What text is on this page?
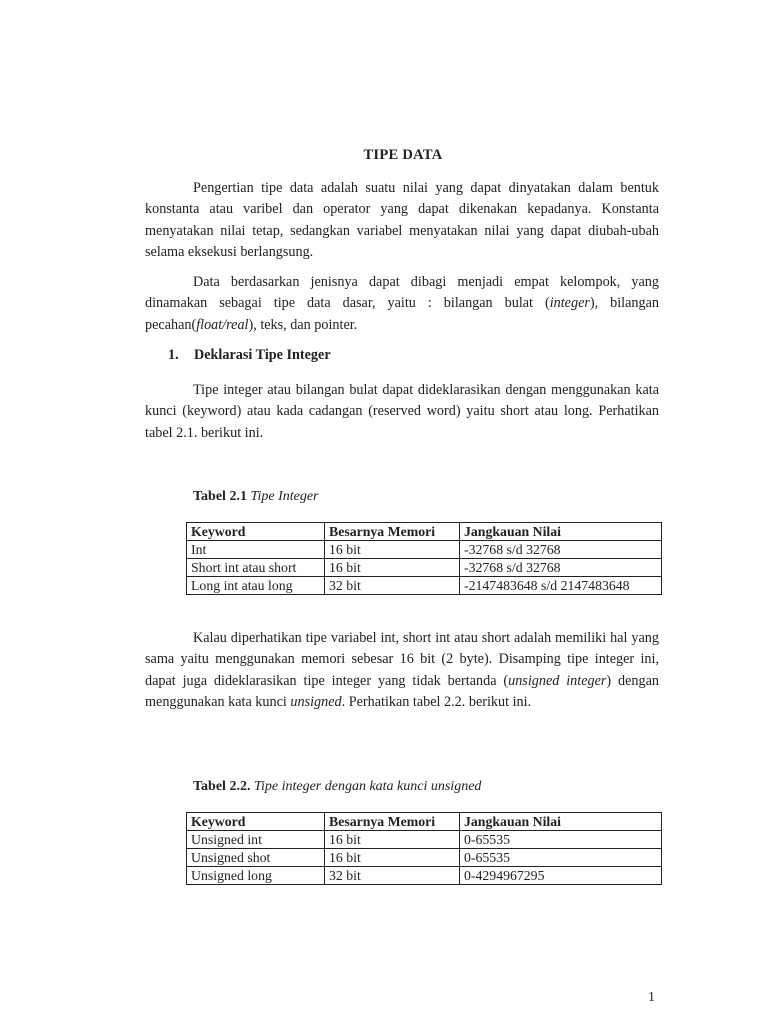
TIPE DATA

Pengertian tipe data adalah suatu nilai yang dapat dinyatakan dalam bentuk konstanta atau varibel dan operator yang dapat dikenakan kepadanya. Konstanta menyatakan nilai tetap, sedangkan variabel menyatakan nilai yang dapat diubah-ubah selama eksekusi berlangsung.

Data berdasarkan jenisnya dapat dibagi menjadi empat kelompok, yang dinamakan sebagai tipe data dasar, yaitu : bilangan bulat (integer), bilangan pecahan(float/real), teks, dan pointer.

1. Deklarasi Tipe Integer

Tipe integer atau bilangan bulat dapat dideklarasikan dengan menggunakan kata kunci (keyword) atau kada cadangan (reserved word) yaitu short atau long. Perhatikan tabel 2.1. berikut ini.

Tabel 2.1 Tipe Integer
Keyword	Besarnya Memori	Jangkauan Nilai
Int	16 bit	-32768 s/d 32768
Short int atau short	16 bit	-32768 s/d 32768
Long int atau long	32 bit	-2147483648 s/d 2147483648

Kalau diperhatikan tipe variabel int, short int atau short adalah memiliki hal yang sama yaitu menggunakan memori sebesar 16 bit (2 byte). Disamping tipe integer ini, dapat juga dideklarasikan tipe integer yang tidak bertanda (unsigned integer) dengan menggunakan kata kunci unsigned. Perhatikan tabel 2.2. berikut ini.

Tabel 2.2. Tipe integer dengan kata kunci unsigned
Keyword	Besarnya Memori	Jangkauan Nilai
Unsigned int	16 bit	0-65535
Unsigned shot	16 bit	0-65535
Unsigned long	32 bit	0-4294967295
1
